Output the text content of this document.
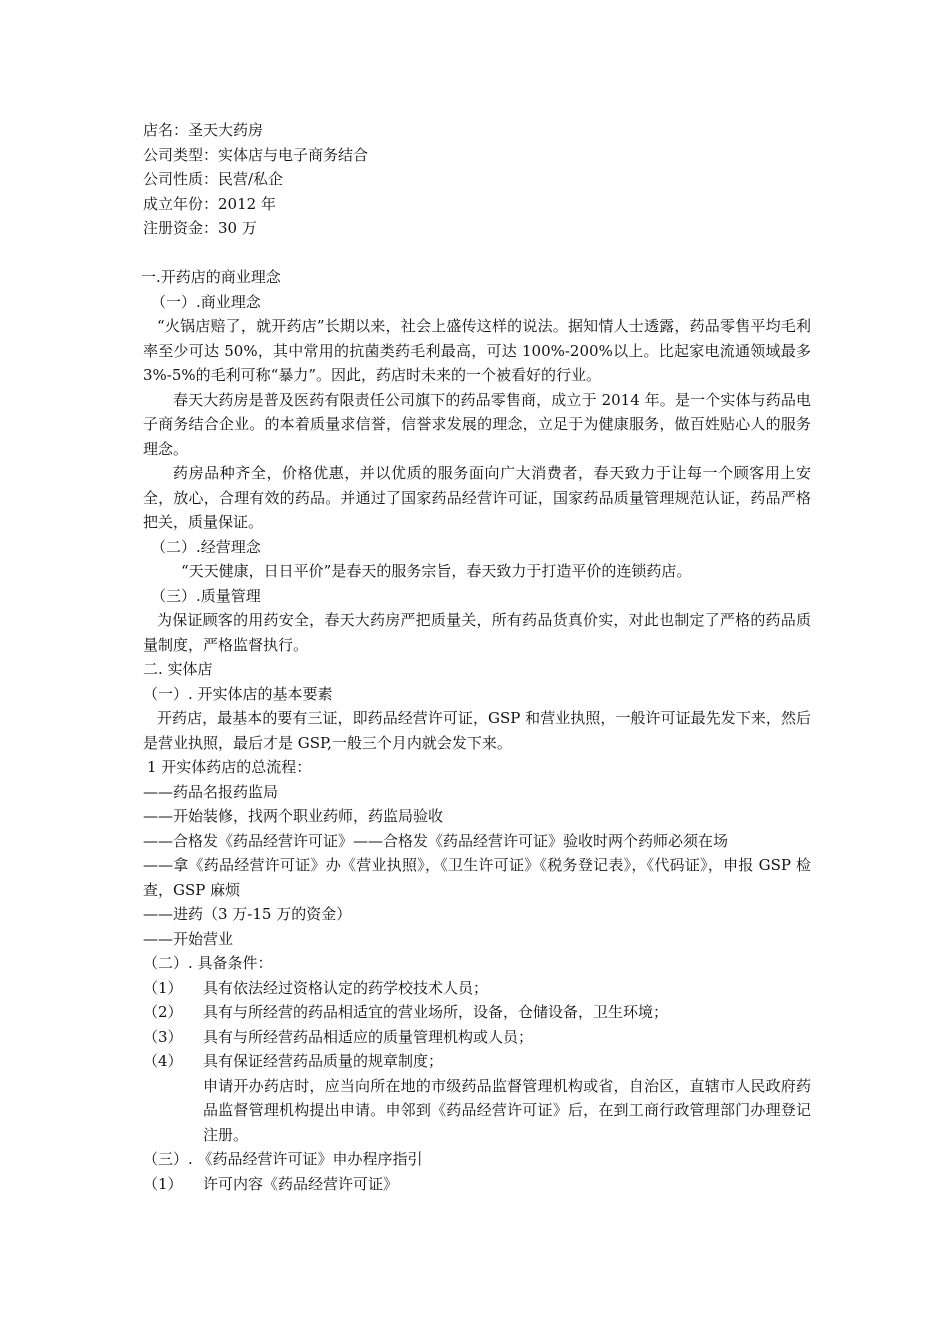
店名：圣天大药房
公司类型：实体店与电子商务结合
公司性质：民营/私企
成立年份：2012 年
注册资金：30 万
一.开药店的商业理念
（一）.商业理念
“火锅店赔了，就开药店”长期以来，社会上盛传这样的说法。据知情人士透露，药品零售平均毛利率至少可达 50%，其中常用的抗菌类药毛利最高，可达 100%-200%以上。比起家电流通领域最多 3%-5%的毛利可称“暴力”。因此，药店时未来的一个被看好的行业。
春天大药房是普及医药有限责任公司旗下的药品零售商，成立于 2014 年。是一个实体与药品电子商务结合企业。的本着质量求信誉，信誉求发展的理念，立足于为健康服务，做百姓贴心人的服务理念。
药房品种齐全，价格优惠，并以优质的服务面向广大消费者，春天致力于让每一个顾客用上安全，放心，合理有效的药品。并通过了国家药品经营许可证，国家药品质量管理规范认证，药品严格把关，质量保证。
（二）.经营理念
“天天健康，日日平价”是春天的服务宗旨，春天致力于打造平价的连锁药店。
（三）.质量管理
为保证顾客的用药安全，春天大药房严把质量关，所有药品货真价实，对此也制定了严格的药品质量制度，严格监督执行。
二. 实体店
（一）. 开实体店的基本要素
开药店，最基本的要有三证，即药品经营许可证，GSP 和营业执照，一般许可证最先发下来，然后是营业执照，最后才是 GSP,一般三个月内就会发下来。
1 开实体药店的总流程：
——药品名报药监局
——开始装修，找两个职业药师，药监局验收
——合格发《药品经营许可证》——合格发《药品经营许可证》验收时两个药师必须在场
——拿《药品经营许可证》办《营业执照》，《卫生许可证》《税务登记表》，《代码证》，申报 GSP 检查，GSP 麻烦
——进药（3 万-15 万的资金）
——开始营业
（二）. 具备条件：
（1）	具有依法经过资格认定的药学校技术人员；
（2）	具有与所经营的药品相适宜的营业场所，设备，仓储设备，卫生环境；
（3）	具有与所经营药品相适应的质量管理机构或人员；
（4）	具有保证经营药品质量的规章制度；
申请开办药店时，应当向所在地的市级药品监督管理机构或省，自治区，直辖市人民政府药品监督管理机构提出申请。申邻到《药品经营许可证》后，在到工商行政管理部门办理登记注册。
（三）. 《药品经营许可证》申办程序指引
（1）	许可内容《药品经营许可证》
